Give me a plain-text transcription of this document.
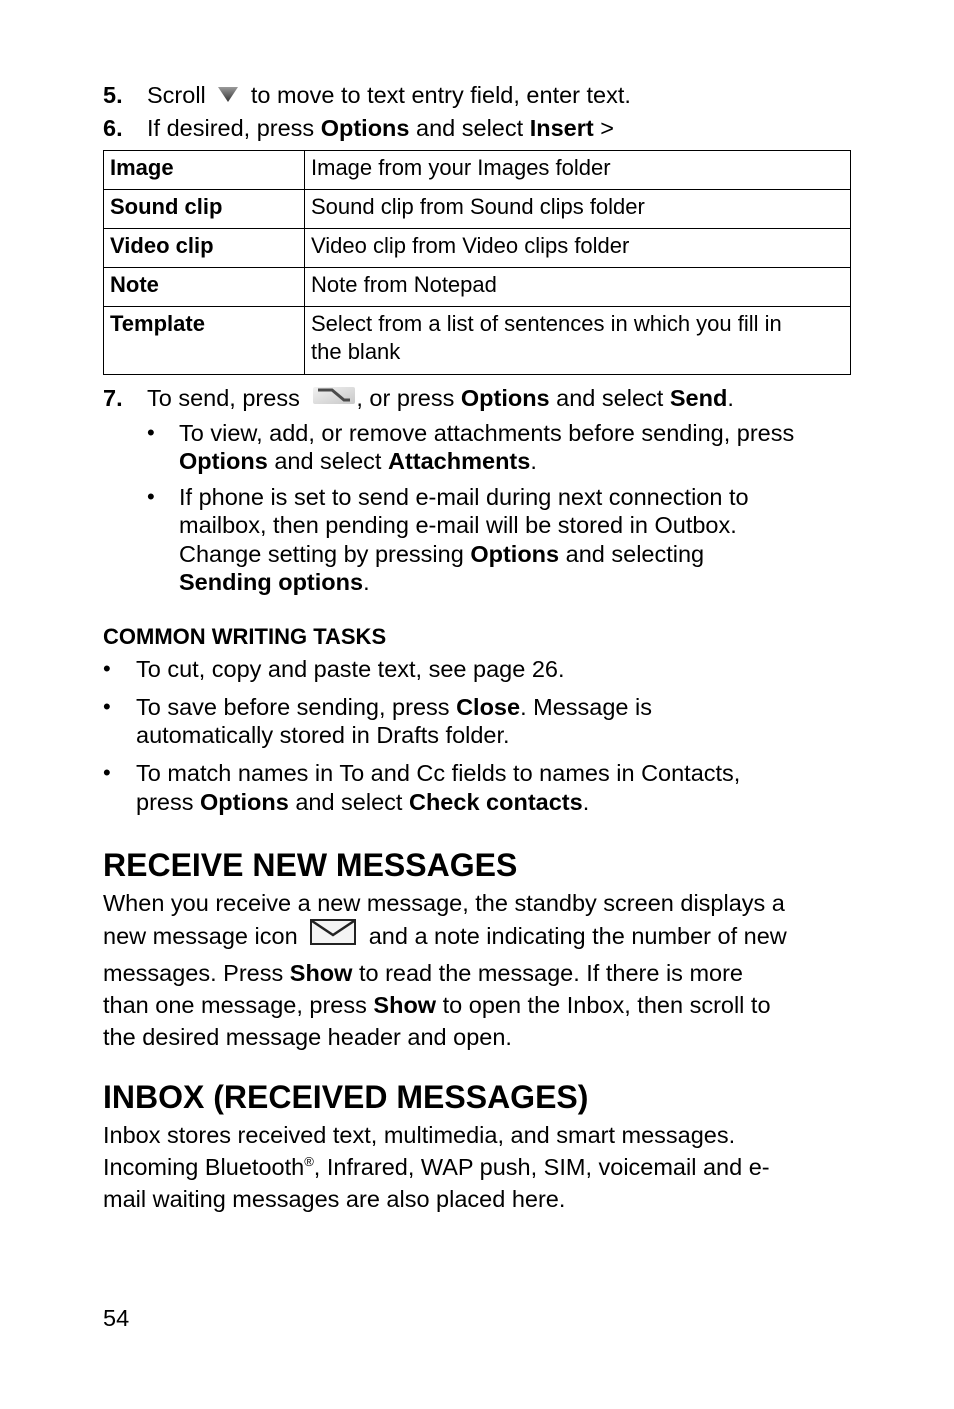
5. Scroll to move to text entry field, enter text.
6. If desired, press Options and select Insert >
Image	Image from your Images folder
Sound clip	Sound clip from Sound clips folder
Video clip	Video clip from Video clips folder
Note	Note from Notepad
Template	Select from a list of sentences in which you fill in
the blank
7. To send, press , or press Options and select Send.
• To view, add, or remove attachments before sending, press
Options and select Attachments.
• If phone is set to send e-mail during next connection to
mailbox, then pending e-mail will be stored in Outbox.
Change setting by pressing Options and selecting
Sending options.
COMMON WRITING TASKS
• To cut, copy and paste text, see page 26.
• To save before sending, press Close. Message is
automatically stored in Drafts folder.
• To match names in To and Cc fields to names in Contacts,
press Options and select Check contacts.
RECEIVE NEW MESSAGES
When you receive a new message, the standby screen displays a
new message icon	and a note indicating the number of new
messages. Press Show to read the message. If there is more
than one message, press Show to open the Inbox, then scroll to
the desired message header and open.
INBOX (RECEIVED MESSAGES)
Inbox stores received text, multimedia, and smart messages.
Incoming Bluetooth®, Infrared, WAP push, SIM, voicemail and e-
mail waiting messages are also placed here.
54
